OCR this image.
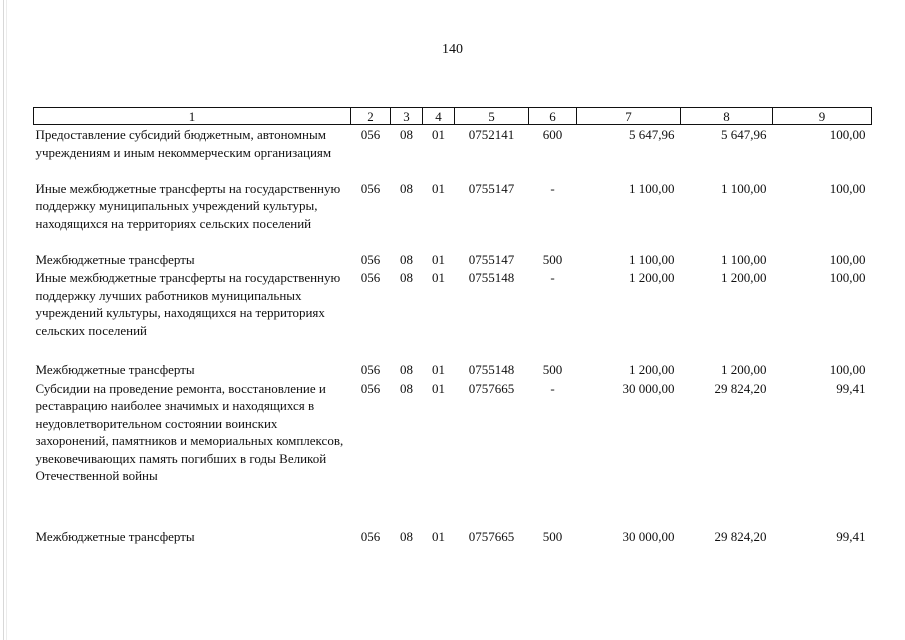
140
1	2	3	4	5	6	7	8	9
Предоставление субсидий бюджетным, автономным учреждениям и иным некоммерческим организациям	056	08	01	0752141	600	5 647,96	5 647,96	100,00
Иные межбюджетные трансферты на государственную поддержку муниципальных учреждений культуры, находящихся на территориях сельских поселений	056	08	01	0755147	-	1 100,00	1 100,00	100,00
Межбюджетные трансферты	056	08	01	0755147	500	1 100,00	1 100,00	100,00
Иные межбюджетные трансферты на государственную поддержку лучших работников муниципальных учреждений культуры, находящихся на территориях сельских поселений	056	08	01	0755148	-	1 200,00	1 200,00	100,00
Межбюджетные трансферты	056	08	01	0755148	500	1 200,00	1 200,00	100,00
Субсидии на проведение ремонта, восстановление и реставрацию наиболее значимых и находящихся в неудовлетворительном состоянии воинских захоронений, памятников и мемориальных комплексов, увековечивающих память погибших в годы Великой Отечественной войны	056	08	01	0757665	-	30 000,00	29 824,20	99,41
Межбюджетные трансферты	056	08	01	0757665	500	30 000,00	29 824,20	99,41
